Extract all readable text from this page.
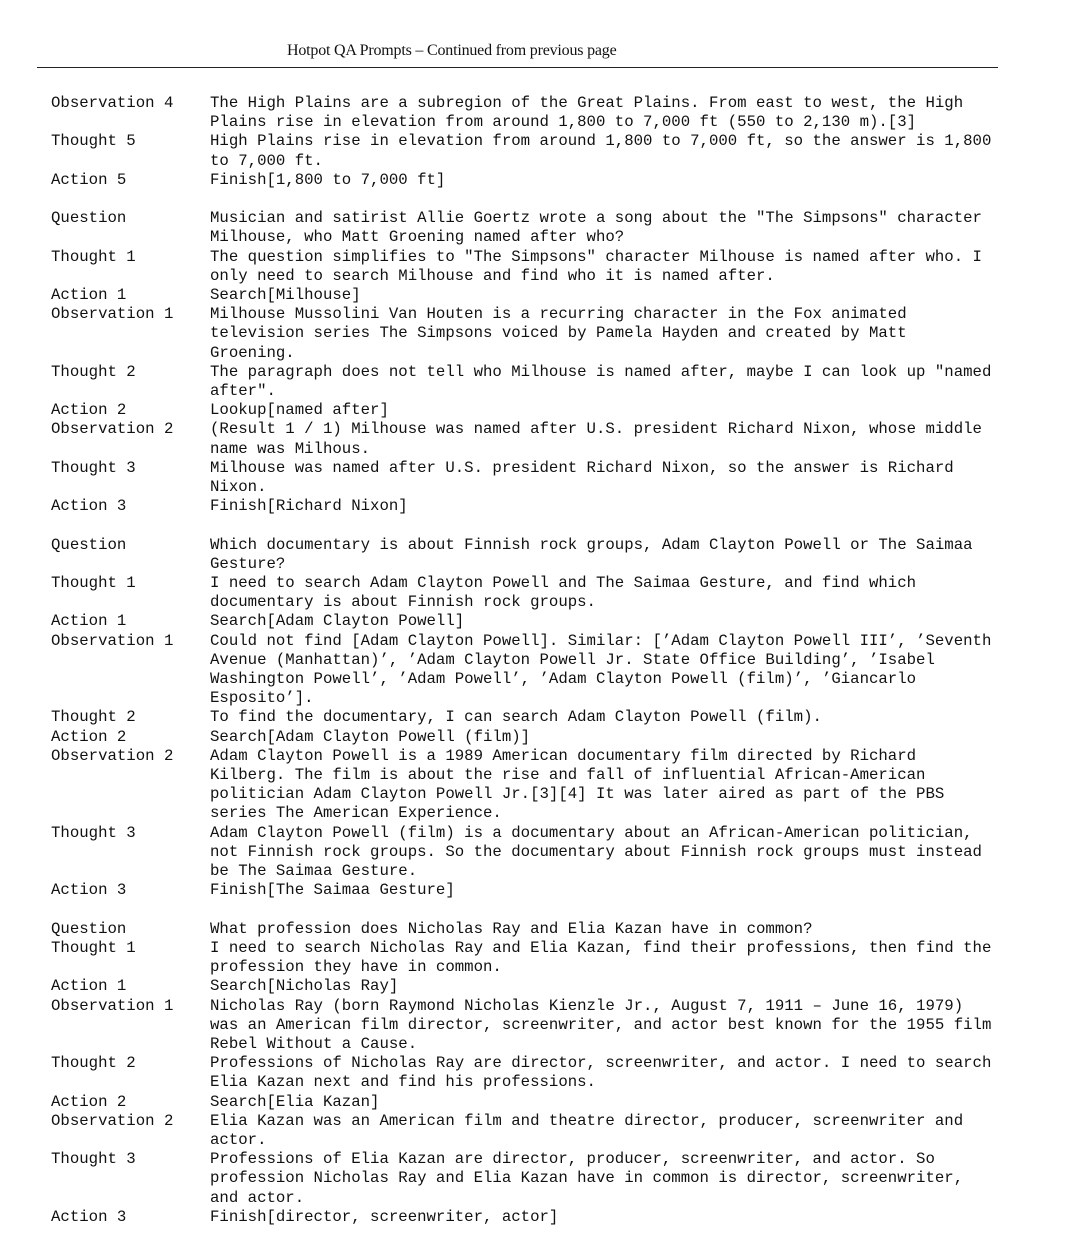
Hotpot QA Prompts – Continued from previous page
Observation 4	The High Plains are a subregion of the Great Plains. From east to west, the High Plains rise in elevation from around 1,800 to 7,000 ft (550 to 2,130 m).[3]
Thought 5	High Plains rise in elevation from around 1,800 to 7,000 ft, so the answer is 1,800 to 7,000 ft.
Action 5	Finish[1,800 to 7,000 ft]
Question	Musician and satirist Allie Goertz wrote a song about the "The Simpsons" character Milhouse, who Matt Groening named after who?
Thought 1	The question simplifies to "The Simpsons" character Milhouse is named after who. I only need to search Milhouse and find who it is named after.
Action 1	Search[Milhouse]
Observation 1	Milhouse Mussolini Van Houten is a recurring character in the Fox animated television series The Simpsons voiced by Pamela Hayden and created by Matt Groening.
Thought 2	The paragraph does not tell who Milhouse is named after, maybe I can look up "named after".
Action 2	Lookup[named after]
Observation 2	(Result 1 / 1) Milhouse was named after U.S. president Richard Nixon, whose middle name was Milhous.
Thought 3	Milhouse was named after U.S. president Richard Nixon, so the answer is Richard Nixon.
Action 3	Finish[Richard Nixon]
Question	Which documentary is about Finnish rock groups, Adam Clayton Powell or The Saimaa Gesture?
Thought 1	I need to search Adam Clayton Powell and The Saimaa Gesture, and find which documentary is about Finnish rock groups.
Action 1	Search[Adam Clayton Powell]
Observation 1	Could not find [Adam Clayton Powell]. Similar: [’Adam Clayton Powell III’, ’Seventh Avenue (Manhattan)’, ’Adam Clayton Powell Jr. State Office Building’, ’Isabel Washington Powell’, ’Adam Powell’, ’Adam Clayton Powell (film)’, ’Giancarlo Esposito’].
Thought 2	To find the documentary, I can search Adam Clayton Powell (film).
Action 2	Search[Adam Clayton Powell (film)]
Observation 2	Adam Clayton Powell is a 1989 American documentary film directed by Richard Kilberg. The film is about the rise and fall of influential African-American politician Adam Clayton Powell Jr.[3][4] It was later aired as part of the PBS series The American Experience.
Thought 3	Adam Clayton Powell (film) is a documentary about an African-American politician, not Finnish rock groups. So the documentary about Finnish rock groups must instead be The Saimaa Gesture.
Action 3	Finish[The Saimaa Gesture]
Question	What profession does Nicholas Ray and Elia Kazan have in common?
Thought 1	I need to search Nicholas Ray and Elia Kazan, find their professions, then find the profession they have in common.
Action 1	Search[Nicholas Ray]
Observation 1	Nicholas Ray (born Raymond Nicholas Kienzle Jr., August 7, 1911 – June 16, 1979) was an American film director, screenwriter, and actor best known for the 1955 film Rebel Without a Cause.
Thought 2	Professions of Nicholas Ray are director, screenwriter, and actor. I need to search Elia Kazan next and find his professions.
Action 2	Search[Elia Kazan]
Observation 2	Elia Kazan was an American film and theatre director, producer, screenwriter and actor.
Thought 3	Professions of Elia Kazan are director, producer, screenwriter, and actor. So profession Nicholas Ray and Elia Kazan have in common is director, screenwriter, and actor.
Action 3	Finish[director, screenwriter, actor]
